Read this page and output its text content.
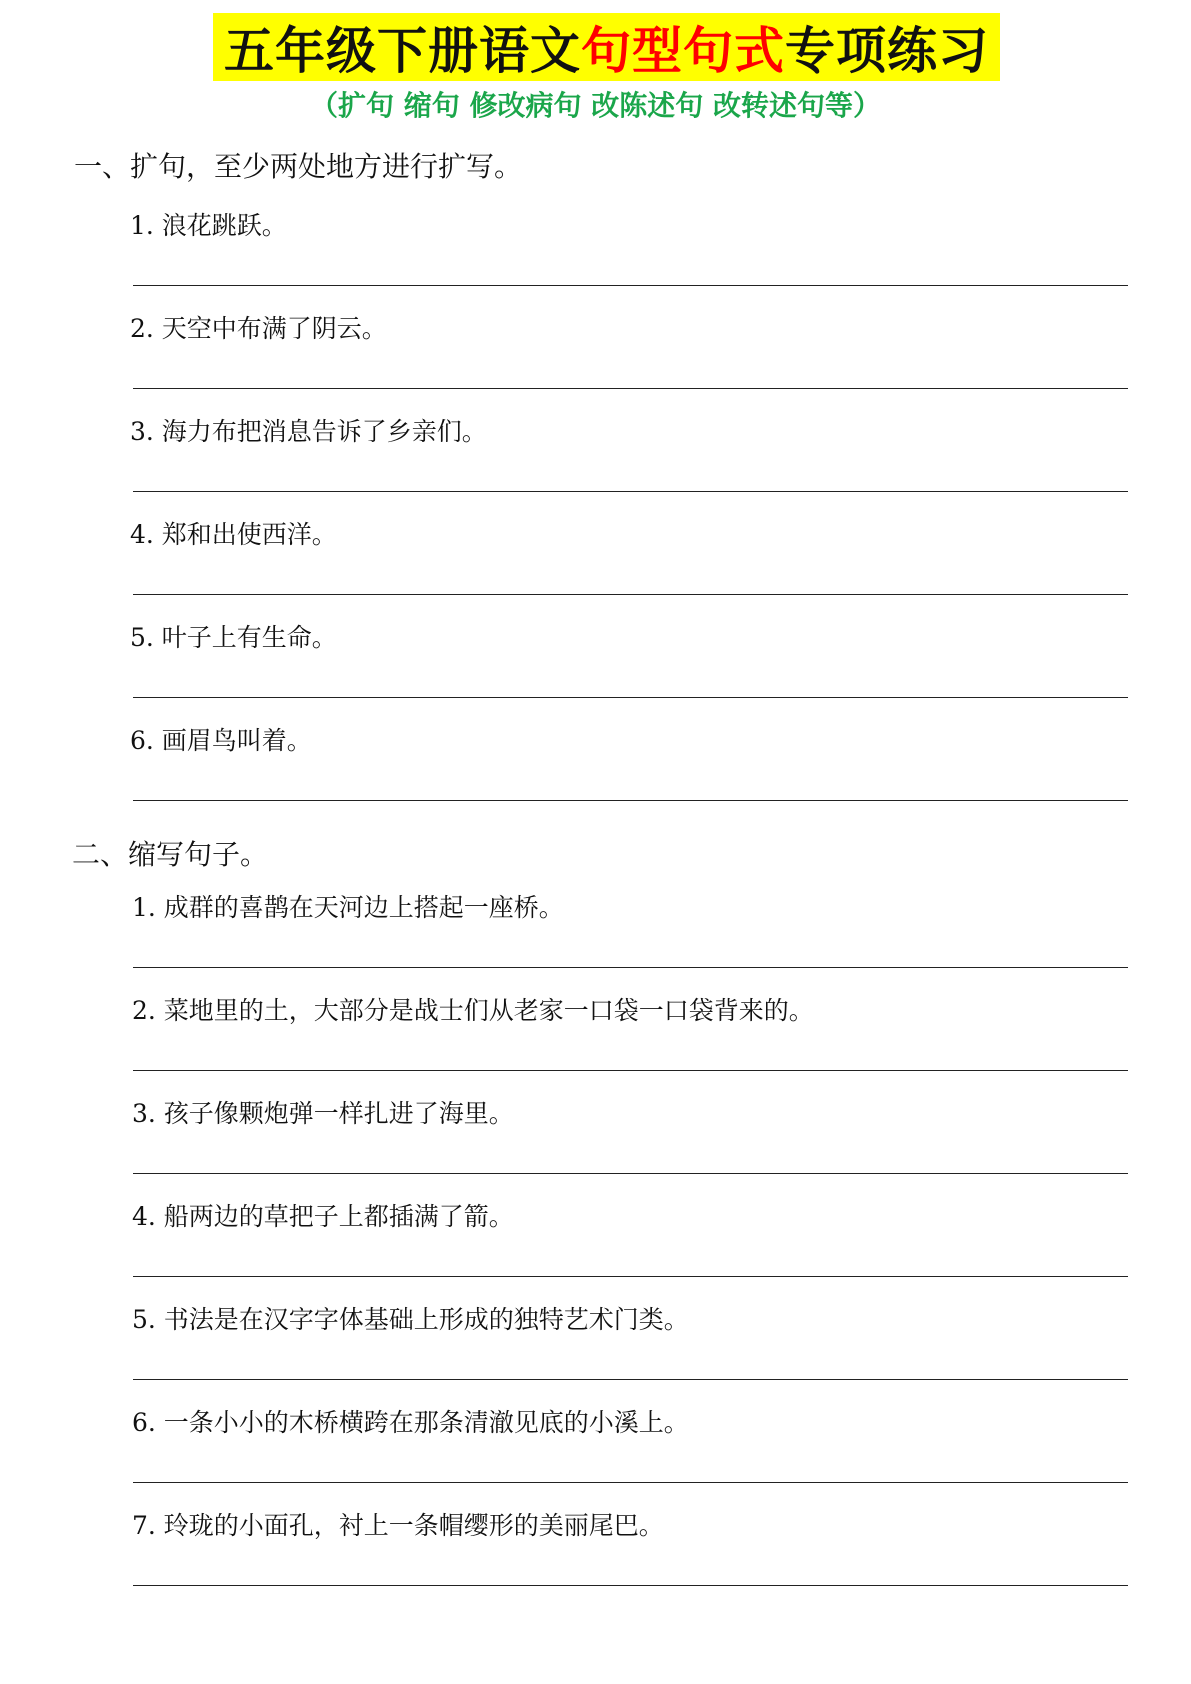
五年级下册语文 句型句式 专项练习
（扩句 缩句 修改病句 改陈述句 改转述句等）
一、扩句，至少两处地方进行扩写。
1. 浪花跳跃。
2. 天空中布满了阴云。
3. 海力布把消息告诉了乡亲们。
4. 郑和出使西洋。
5. 叶子上有生命。
6. 画眉鸟叫着。
二、缩写句子。
1. 成群的喜鹊在天河边上搭起一座桥。
2. 菜地里的土，大部分是战士们从老家一口袋一口袋背来的。
3. 孩子像颗炮弹一样扎进了海里。
4. 船两边的草把子上都插满了箭。
5. 书法是在汉字字体基础上形成的独特艺术门类。
6. 一条小小的木桥横跨在那条清澈见底的小溪上。
7. 玲珑的小面孔，衬上一条帽缨形的美丽尾巴。
